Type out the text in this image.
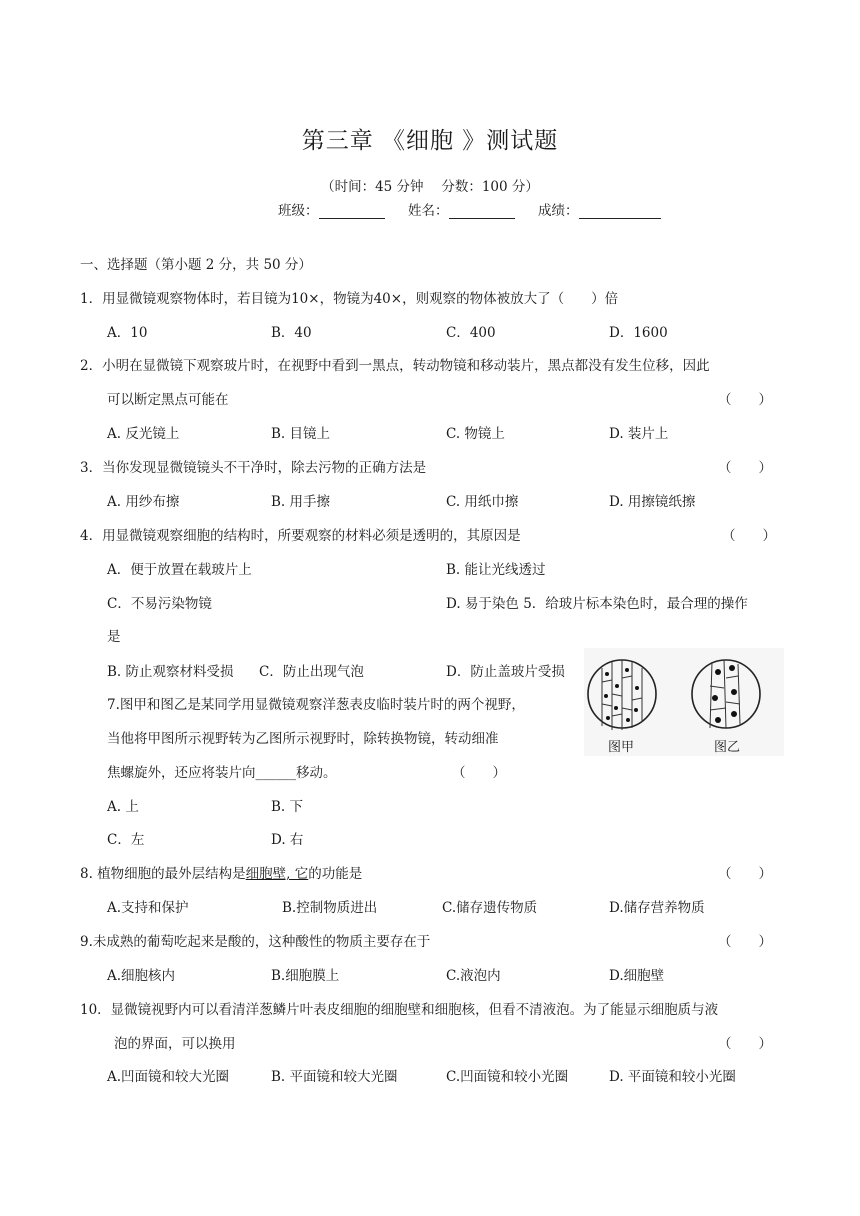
第三章 《细胞 》测试题
（时间：45 分钟　 分数：100 分）
班级：	姓名：	成绩：
一、选择题（第小题 2 分，共 50 分）
1．用显微镜观察物体时，若目镜为10×，物镜为40×，则观察的物体被放大了（　　）倍
A．10	B．40	C．400	D．1600
2．小明在显微镜下观察玻片时，在视野中看到一黑点，转动物镜和移动装片，黑点都没有发生位移，因此
可以断定黑点可能在	（　　）
A. 反光镜上	B. 目镜上	C. 物镜上	D. 装片上
3．当你发现显微镜镜头不干净时，除去污物的正确方法是	（　　）
A. 用纱布擦	B. 用手擦	C. 用纸巾擦	D. 用擦镜纸擦
4．用显微镜观察细胞的结构时，所要观察的材料必须是透明的，其原因是	（　　）
A．便于放置在载玻片上	B. 能让光线透过
C．不易污染物镜	D. 易于染色 5．给玻片标本染色时，最合理的操作
是
B. 防止观察材料受损 C．防止出现气泡	D．防止盖玻片受损
图甲	图乙
7.图甲和图乙是某同学用显微镜观察洋葱表皮临时装片时的两个视野，
当他将甲图所示视野转为乙图所示视野时，除转换物镜，转动细准
焦螺旋外，还应将装片向______移动。	（　　）
A. 上	B. 下
C．左	D. 右
8. 植物细胞的最外层结构是细胞壁, 它的功能是	（　　）
A.支持和保护	B.控制物质进出	C.储存遗传物质	D.储存营养物质
9.未成熟的葡萄吃起来是酸的，这种酸性的物质主要存在于	（　　）
A.细胞核内	B.细胞膜上	C.液泡内	D.细胞壁
10．显微镜视野内可以看清洋葱鳞片叶表皮细胞的细胞壁和细胞核，但看不清液泡。为了能显示细胞质与液
泡的界面，可以换用	（　　）
A.凹面镜和较大光圈	B. 平面镜和较大光圈	C.凹面镜和较小光圈	D. 平面镜和较小光圈
